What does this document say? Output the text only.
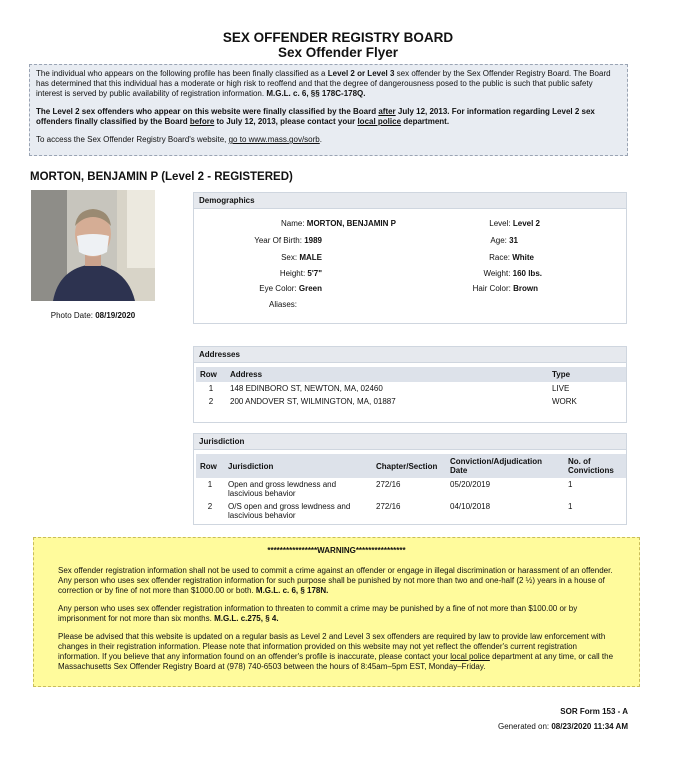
SEX OFFENDER REGISTRY BOARD
Sex Offender Flyer

The individual who appears on the following profile has been finally classified as a Level 2 or Level 3 sex offender by the Sex Offender Registry Board. The Board has determined that this individual has a moderate or high risk to reoffend and that the degree of dangerousness posed to the public is such that public safety interest is served by public availability of registration information. M.G.L. c. 6, §§ 178C-178Q.

The Level 2 sex offenders who appear on this website were finally classified by the Board after July 12, 2013. For information regarding Level 2 sex offenders finally classified by the Board before to July 12, 2013, please contact your local police department.

To access the Sex Offender Registry Board's website, go to www.mass.gov/sorb.

MORTON, BENJAMIN P (Level 2 - REGISTERED)
Photo Date: 08/19/2020
Demographics
Name: MORTON, BENJAMIN P
Year Of Birth: 1989
Sex: MALE
Height: 5'7"
Eye Color: Green
Aliases:
Level: Level 2
Age: 31
Race: White
Weight: 160 lbs.
Hair Color: Brown
Addresses
Row	Address	Type
1	148 EDINBORO ST, NEWTON, MA, 02460	LIVE
2	200 ANDOVER ST, WILMINGTON, MA, 01887	WORK
Jurisdiction
Row	Jurisdiction	Chapter/Section	Conviction/Adjudication Date	No. of Convictions
1	Open and gross lewdness and lascivious behavior	272/16	05/20/2019	1
2	O/S open and gross lewdness and lascivious behavior	272/16	04/10/2018	1
****************WARNING****************

Sex offender registration information shall not be used to commit a crime against an offender or engage in illegal discrimination or harassment of an offender. Any person who uses sex offender registration information for such purpose shall be punished by not more than two and one-half (2 ½) years in a house of correction or by fine of not more than $1000.00 or both. M.G.L. c. 6, § 178N.

Any person who uses sex offender registration information to threaten to commit a crime may be punished by a fine of not more than $100.00 or by imprisonment for not more than six months. M.G.L. c.275, § 4.

Please be advised that this website is updated on a regular basis as Level 2 and Level 3 sex offenders are required by law to provide law enforcement with changes in their registration information. Please note that information provided on this website may not yet reflect the offender's current registration information. If you believe that any information found on an offender's profile is inaccurate, please contact your local police department at any time, or call the Massachusetts Sex Offender Registry Board at (978) 740-6503 between the hours of 8:45am–5pm EST, Monday–Friday.

SOR Form 153 - A
Generated on: 08/23/2020 11:34 AM
